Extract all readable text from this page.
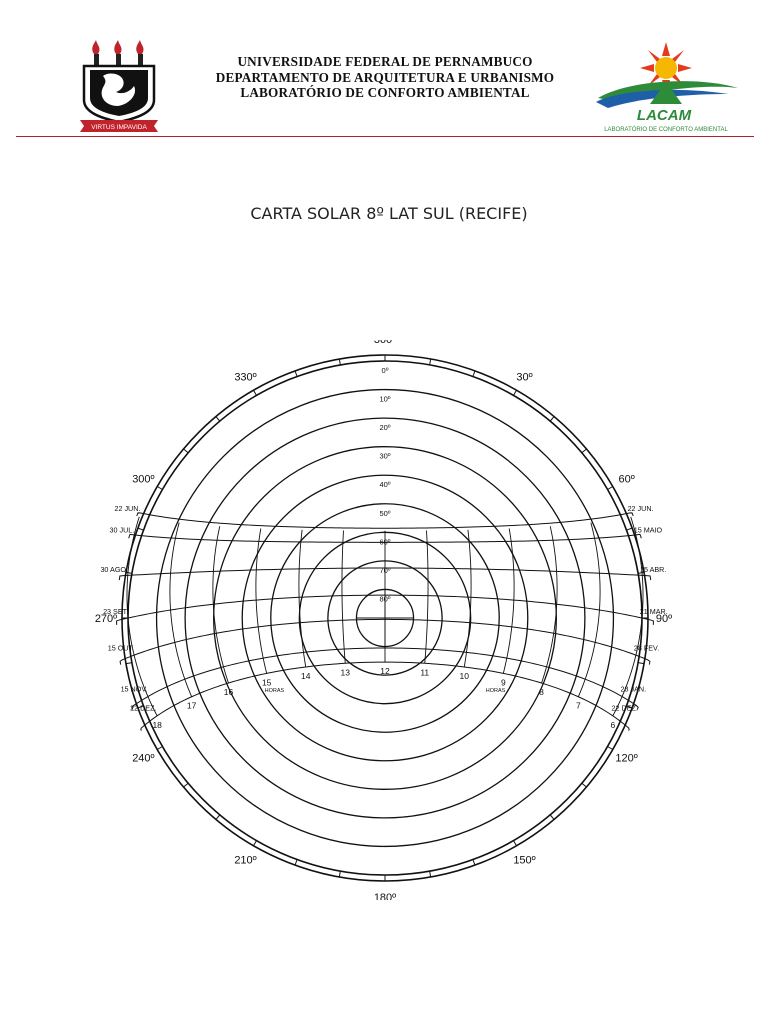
VIRTUS IMPAVIDA
UNIVERSIDADE FEDERAL DE PERNAMBUCO
DEPARTAMENTO DE ARQUITETURA E URBANISMO
LABORATÓRIO DE CONFORTO AMBIENTAL
LACAM
LABORATÓRIO DE CONFORTO AMBIENTAL
CARTA SOLAR 8º LAT SUL (RECIFE)
0º
10º
20º
30º
40º
50º
60º
70º
80º
22 JUN.	22 JUN.
30 JUL.	15 MAIO
30 AGO.	15 ABR.
23 SET.	21 MAR.
15 OUT.	28 FEV.
15 NOV.	28 JAN.
22 DEZ.	22 DEZ.
6
7
8
9
10
11
12
13
14
15
16
17
18
HORAS
HORAS
360º
30º
60º
90º
120º
150º
180º
210º
240º
270º
300º
330º
